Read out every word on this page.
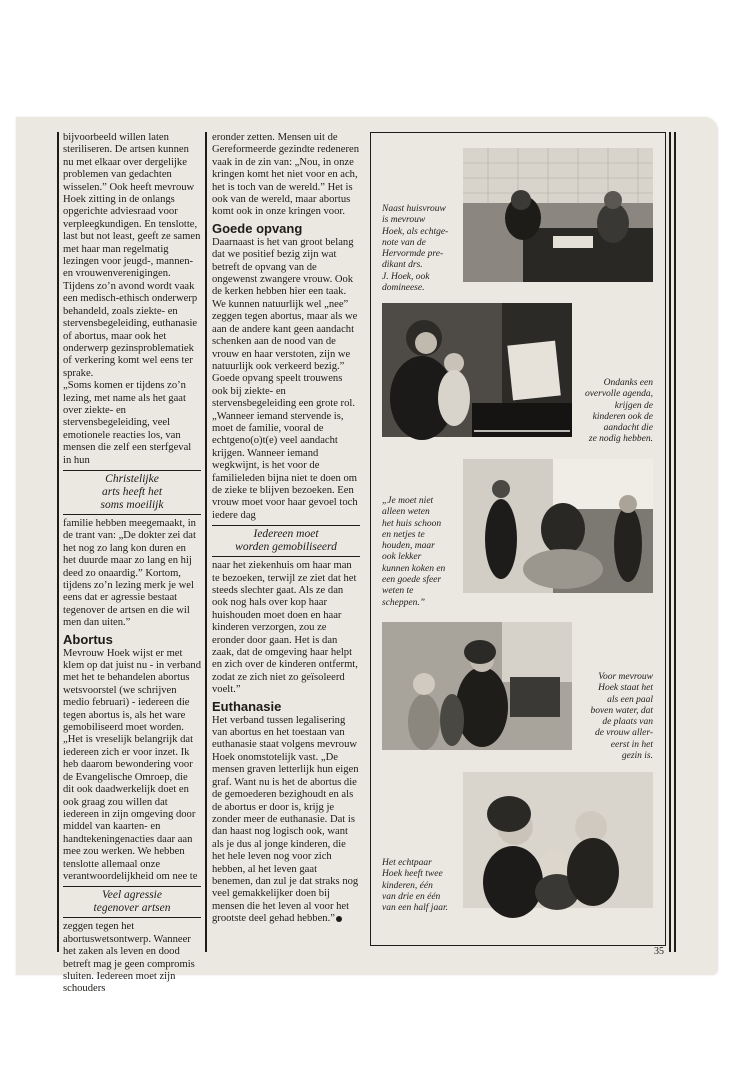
bijvoorbeeld willen laten steriliseren. De artsen kunnen nu met elkaar over dergelijke problemen van gedachten wisselen.” Ook heeft mevrouw Hoek zitting in de onlangs opgerichte adviesraad voor verpleegkundigen. En tenslotte, last but not least, geeft ze samen met haar man regelmatig lezingen voor jeugd-, mannen- en vrouwenverenigingen. Tijdens zo’n avond wordt vaak een medisch-ethisch onderwerp behandeld, zoals ziekte- en stervensbegeleiding, euthanasie of abortus, maar ook het onderwerp gezinsproblematiek of verkering komt wel eens ter sprake.

„Soms komen er tijdens zo’n lezing, met name als het gaat over ziekte- en stervensbegeleiding, veel emotionele reacties los, van mensen die zelf een sterfgeval in hun

Christelijke
arts heeft het
soms moeilijk

familie hebben meegemaakt, in de trant van: „De dokter zei dat het nog zo lang kon duren en het duurde maar zo lang en hij deed zo onaardig.” Kortom, tijdens zo’n lezing merk je wel eens dat er agressie bestaat tegenover de artsen en die wil men dan uiten.”

Abortus

Mevrouw Hoek wijst er met klem op dat juist nu - in verband met het te behandelen abortus wetsvoorstel (we schrijven medio februari) - iedereen die tegen abortus is, als het ware gemobiliseerd moet worden. „Het is vreselijk belangrijk dat iedereen zich er voor inzet. Ik heb daarom bewondering voor de Evangelische Omroep, die dit ook daadwerkelijk doet en ook graag zou willen dat iedereen in zijn omgeving door middel van kaarten- en handtekeningenacties daar aan mee zou werken. We hebben tenslotte allemaal onze verantwoordelijkheid om nee te

Veel agressie
tegenover artsen

zeggen tegen het abortuswetsontwerp. Wanneer het zaken als leven en dood betreft mag je geen compromis sluiten. Iedereen moet zijn schouders

eronder zetten. Mensen uit de Gereformeerde gezindte redeneren vaak in de zin van: „Nou, in onze kringen komt het niet voor en ach, het is toch van de wereld.” Het is ook van de wereld, maar abortus komt ook in onze kringen voor.

Goede opvang

Daarnaast is het van groot belang dat we positief bezig zijn wat betreft de opvang van de ongewenst zwangere vrouw. Ook de kerken hebben hier een taak. We kunnen natuurlijk wel „nee” zeggen tegen abortus, maar als we aan de andere kant geen aandacht schenken aan de nood van de vrouw en haar verstoten, zijn we natuurlijk ook verkeerd bezig.”

Goede opvang speelt trouwens ook bij ziekte- en stervensbegeleiding een grote rol. „Wanneer iemand stervende is, moet de familie, vooral de echtgeno(o)t(e) veel aandacht krijgen. Wanneer iemand wegkwijnt, is het voor de familieleden bijna niet te doen om de zieke te blijven bezoeken. Een vrouw moet voor haar gevoel toch iedere dag

Iedereen moet
worden gemobiliseerd

naar het ziekenhuis om haar man te bezoeken, terwijl ze ziet dat het steeds slechter gaat. Als ze dan ook nog hals over kop haar huishouden moet doen en haar kinderen verzorgen, zou ze eronder door gaan. Het is dan zaak, dat de omgeving haar helpt en zich over de kinderen ontfermt, zodat ze zich niet zo geïsoleerd voelt.”

Euthanasie

Het verband tussen legalisering van abortus en het toestaan van euthanasie staat volgens mevrouw Hoek onomstotelijk vast. „De mensen graven letterlijk hun eigen graf. Want nu is het de abortus die de gemoederen bezighoudt en als de abortus er door is, krijg je zonder meer de euthanasie. Dat is dan haast nog logisch ook, want als je dus al jonge kinderen, die het hele leven nog voor zich hebben, al het leven gaat benemen, dan zul je dat straks nog veel gemakkelijker doen bij mensen die het leven al voor het grootste deel gehad hebben.”

Naast huisvrouw
is mevrouw
Hoek, als echtge-
note van de
Hervormde pre-
dikant drs.
J. Hoek, ook
domineese.
Ondanks een
overvolle agenda,
krijgen de
kinderen ook de
aandacht die
ze nodig hebben.
„Je moet niet
alleen weten
het huis schoon
en netjes te
houden, maar
ook lekker
kunnen koken en
een goede sfeer
weten te
scheppen.”
Voor mevrouw
Hoek staat het
als een paal
boven water, dat
de plaats van
de vrouw aller-
eerst in het
gezin is.
Het echtpaar
Hoek heeft twee
kinderen, één
van drie en één
van een half jaar.
35
